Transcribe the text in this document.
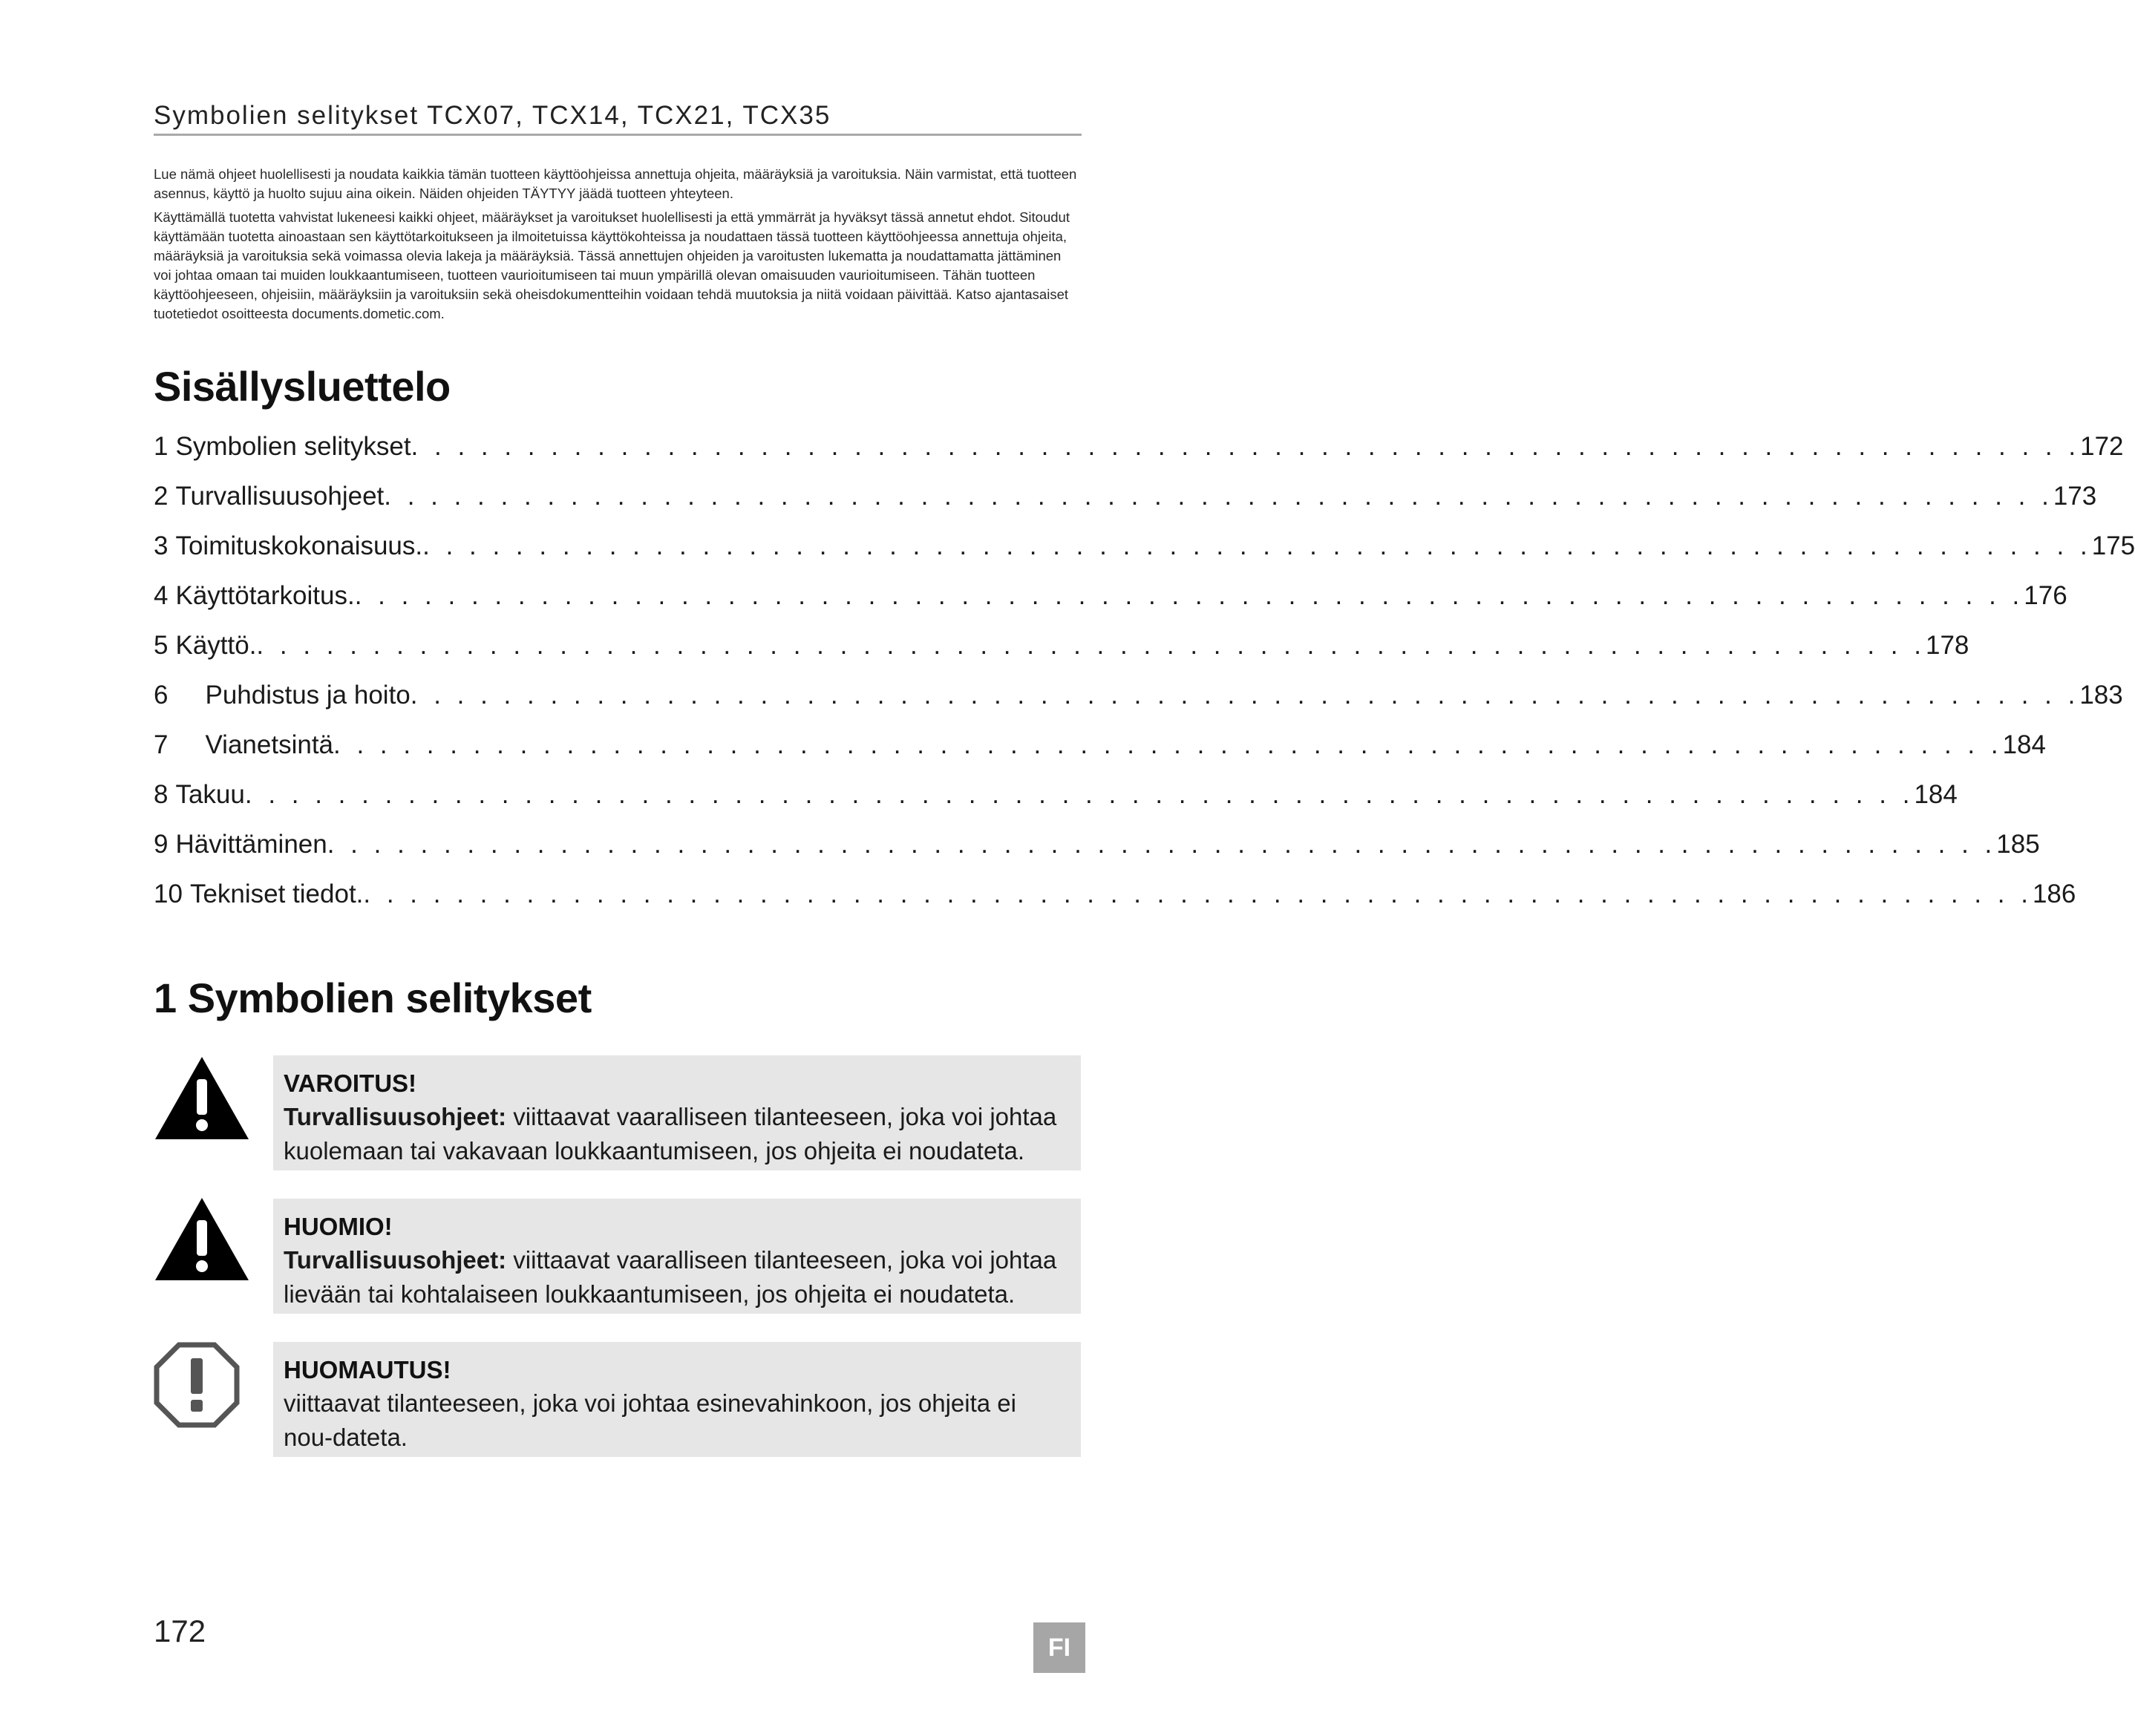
Symbolien selitykset TCX07, TCX14, TCX21, TCX35

Lue nämä ohjeet huolellisesti ja noudata kaikkia tämän tuotteen käyttöohjeissa annettuja ohjeita, määräyksiä ja varoituksia. Näin varmistat, että tuotteen asennus, käyttö ja huolto sujuu aina oikein. Näiden ohjeiden TÄYTYY jäädä tuotteen yhteyteen.

Käyttämällä tuotetta vahvistat lukeneesi kaikki ohjeet, määräykset ja varoitukset huolellisesti ja että ymmärrät ja hyväksyt tässä annetut ehdot. Sitoudut käyttämään tuotetta ainoastaan sen käyttötarkoitukseen ja ilmoitetuissa käyttökohteissa ja noudattaen tässä tuotteen käyttöohjeessa annettuja ohjeita, määräyksiä ja varoituksia sekä voimassa olevia lakeja ja määräyksiä. Tässä annettujen ohjeiden ja varoitusten lukematta ja noudattamatta jättäminen voi johtaa omaan tai muiden loukkaantumiseen, tuotteen vaurioitumiseen tai muun ympärillä olevan omaisuuden vaurioitumiseen. Tähän tuotteen käyttöohjeeseen, ohjeisiin, määräyksiin ja varoituksiin sekä oheisdokumentteihin voidaan tehdä muutoksia ja niitä voidaan päivittää. Katso ajantasaiset tuotetiedot osoitteesta documents.dometic.com.

Sisällysluettelo
1 Symbolien selitykset . . . . . . . . . . . . . . . . . . . . . . . . . . . . . . . . . . . . . . . . . . . . . . . . . . . . . . . . . . . . . . . . . . . . . . . . 172
2 Turvallisuusohjeet . . . . . . . . . . . . . . . . . . . . . . . . . . . . . . . . . . . . . . . . . . . . . . . . . . . . . . . . . . . . . . . . . . . . . . . . 173
3 Toimituskokonaisuus. . . . . . . . . . . . . . . . . . . . . . . . . . . . . . . . . . . . . . . . . . . . . . . . . . . . . . . . . . . . . . . . . . . . . . . . . 175
4 Käyttötarkoitus. . . . . . . . . . . . . . . . . . . . . . . . . . . . . . . . . . . . . . . . . . . . . . . . . . . . . . . . . . . . . . . . . . . . . . . . . 176
5 Käyttö. . . . . . . . . . . . . . . . . . . . . . . . . . . . . . . . . . . . . . . . . . . . . . . . . . . . . . . . . . . . . . . . . . . . . . . . . 178
6 Puhdistus ja hoito . . . . . . . . . . . . . . . . . . . . . . . . . . . . . . . . . . . . . . . . . . . . . . . . . . . . . . . . . . . . . . . . . . . . . . . . 183
7 Vianetsintä . . . . . . . . . . . . . . . . . . . . . . . . . . . . . . . . . . . . . . . . . . . . . . . . . . . . . . . . . . . . . . . . . . . . . . . . 184
8 Takuu . . . . . . . . . . . . . . . . . . . . . . . . . . . . . . . . . . . . . . . . . . . . . . . . . . . . . . . . . . . . . . . . . . . . . . . . 184
9 Hävittäminen . . . . . . . . . . . . . . . . . . . . . . . . . . . . . . . . . . . . . . . . . . . . . . . . . . . . . . . . . . . . . . . . . . . . . . . . 185
10 Tekniset tiedot. . . . . . . . . . . . . . . . . . . . . . . . . . . . . . . . . . . . . . . . . . . . . . . . . . . . . . . . . . . . . . . . . . . . . . . . . 186
1 Symbolien selitykset
VAROITUS!
Turvallisuusohjeet: viittaavat vaaralliseen tilanteeseen, joka voi johtaa kuolemaan tai vakavaan loukkaantumiseen, jos ohjeita ei noudateta.
HUOMIO!
Turvallisuusohjeet: viittaavat vaaralliseen tilanteeseen, joka voi johtaa lievään tai kohtalaiseen loukkaantumiseen, jos ohjeita ei noudateta.
HUOMAUTUS!
viittaavat tilanteeseen, joka voi johtaa esinevahinkoon, jos ohjeita ei nou-dateta.
172	FI
